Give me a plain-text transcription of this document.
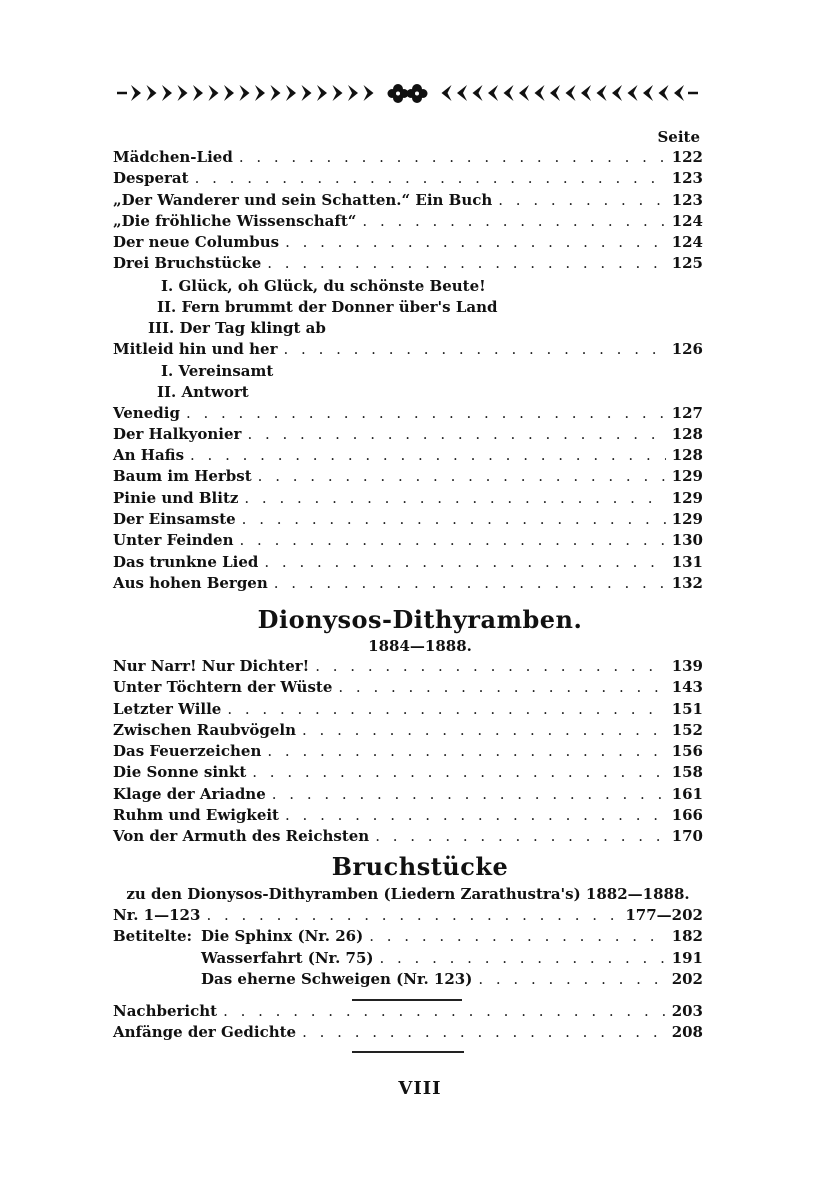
Seite
Mädchen-Lied . . .	122
Desperat . . .	123
„Der Wanderer und sein Schatten.“ Ein Buch . . .	123
„Die fröhliche Wissenschaft“ . . .	124
Der neue Columbus . . .	124
Drei Bruchstücke . . .	125
I. Glück, oh Glück, du schönste Beute!
II. Fern brummt der Donner über's Land
III. Der Tag klingt ab
Mitleid hin und her . . .	126
I. Vereinsamt
II. Antwort
Venedig . . .	127
Der Halkyonier . . .	128
An Hafis . . .	128
Baum im Herbst . . .	129
Pinie und Blitz . . .	129
Der Einsamste . . .	129
Unter Feinden . . .	130
Das trunkne Lied . . .	131
Aus hohen Bergen . . .	132
Dionysos-Dithyramben.
1884—1888.
Nur Narr! Nur Dichter! . . .	139
Unter Töchtern der Wüste . . .	143
Letzter Wille . . .	151
Zwischen Raubvögeln . . .	152
Das Feuerzeichen . . .	156
Die Sonne sinkt . . .	158
Klage der Ariadne . . .	161
Ruhm und Ewigkeit . . .	166
Von der Armuth des Reichsten . . .	170
Bruchstücke
zu den Dionysos-Dithyramben (Liedern Zarathustra's) 1882—1888.
Nr. 1—123 . . .	177—202
Betitelte: Die Sphinx (Nr. 26) . . .	182
Wasserfahrt (Nr. 75) . . .	191
Das eherne Schweigen (Nr. 123) . . .	202
Nachbericht . . .	203
Anfänge der Gedichte . . .	208
VIII
